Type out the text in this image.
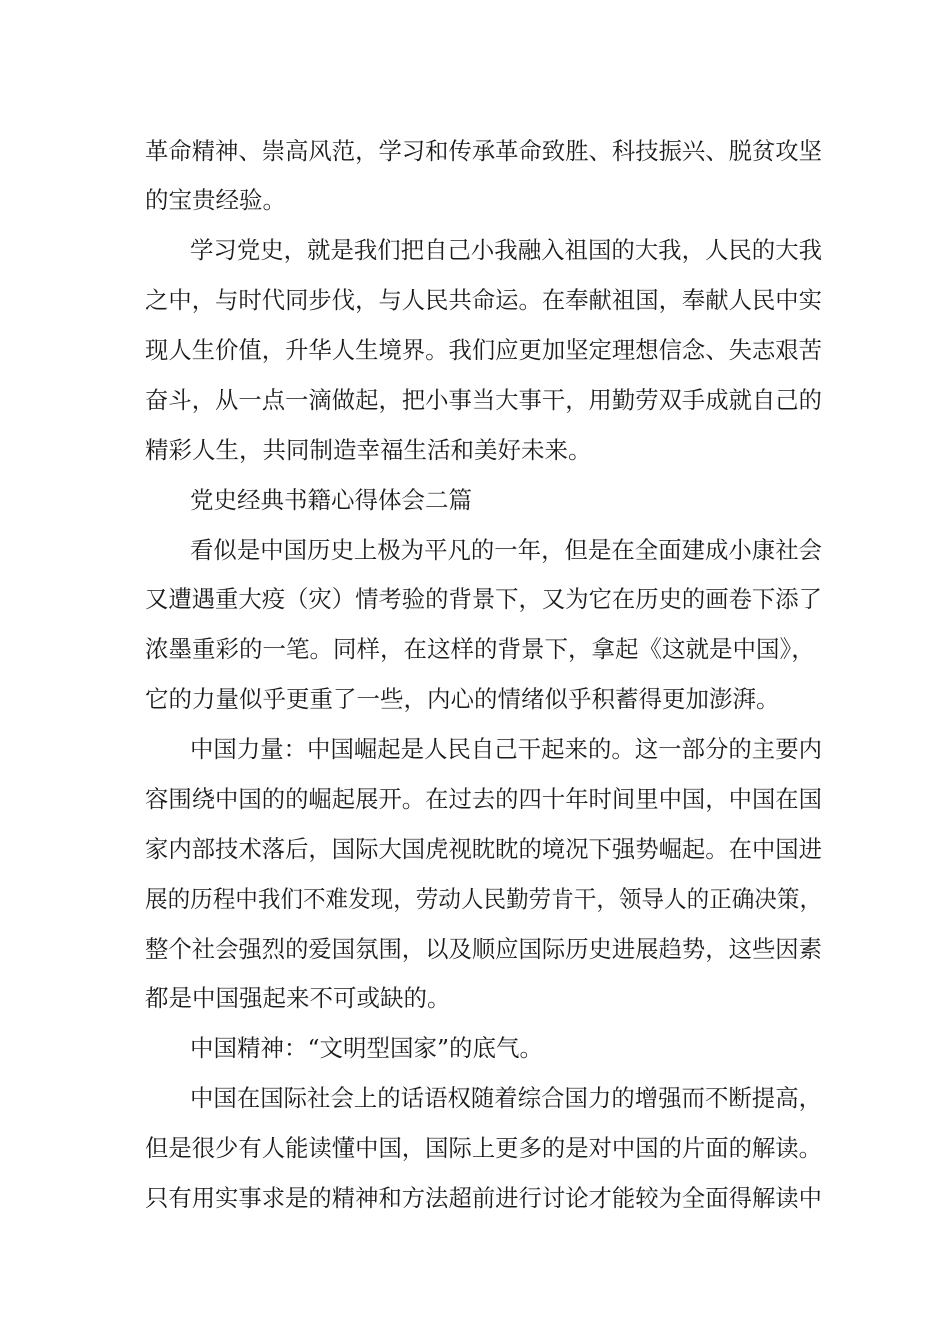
革命精神、崇高风范，学习和传承革命致胜、科技振兴、脱贫攻坚
的宝贵经验。
学习党史，就是我们把自己小我融入祖国的大我，人民的大我
之中，与时代同步伐，与人民共命运。在奉献祖国，奉献人民中实
现人生价值，升华人生境界。我们应更加坚定理想信念、失志艰苦
奋斗，从一点一滴做起，把小事当大事干，用勤劳双手成就自己的
精彩人生，共同制造幸福生活和美好未来。
党史经典书籍心得体会二篇
看似是中国历史上极为平凡的一年，但是在全面建成小康社会
又遭遇重大疫（灾）情考验的背景下，又为它在历史的画卷下添了
浓墨重彩的一笔。同样，在这样的背景下，拿起《这就是中国》，
它的力量似乎更重了一些，内心的情绪似乎积蓄得更加澎湃。
中国力量：中国崛起是人民自己干起来的。这一部分的主要内
容围绕中国的的崛起展开。在过去的四十年时间里中国，中国在国
家内部技术落后，国际大国虎视眈眈的境况下强势崛起。在中国进
展的历程中我们不难发现，劳动人民勤劳肯干，领导人的正确决策，
整个社会强烈的爱国氛围，以及顺应国际历史进展趋势，这些因素
都是中国强起来不可或缺的。
中国精神：“文明型国家”的底气。
中国在国际社会上的话语权随着综合国力的增强而不断提高，
但是很少有人能读懂中国，国际上更多的是对中国的片面的解读。
只有用实事求是的精神和方法超前进行讨论才能较为全面得解读中
